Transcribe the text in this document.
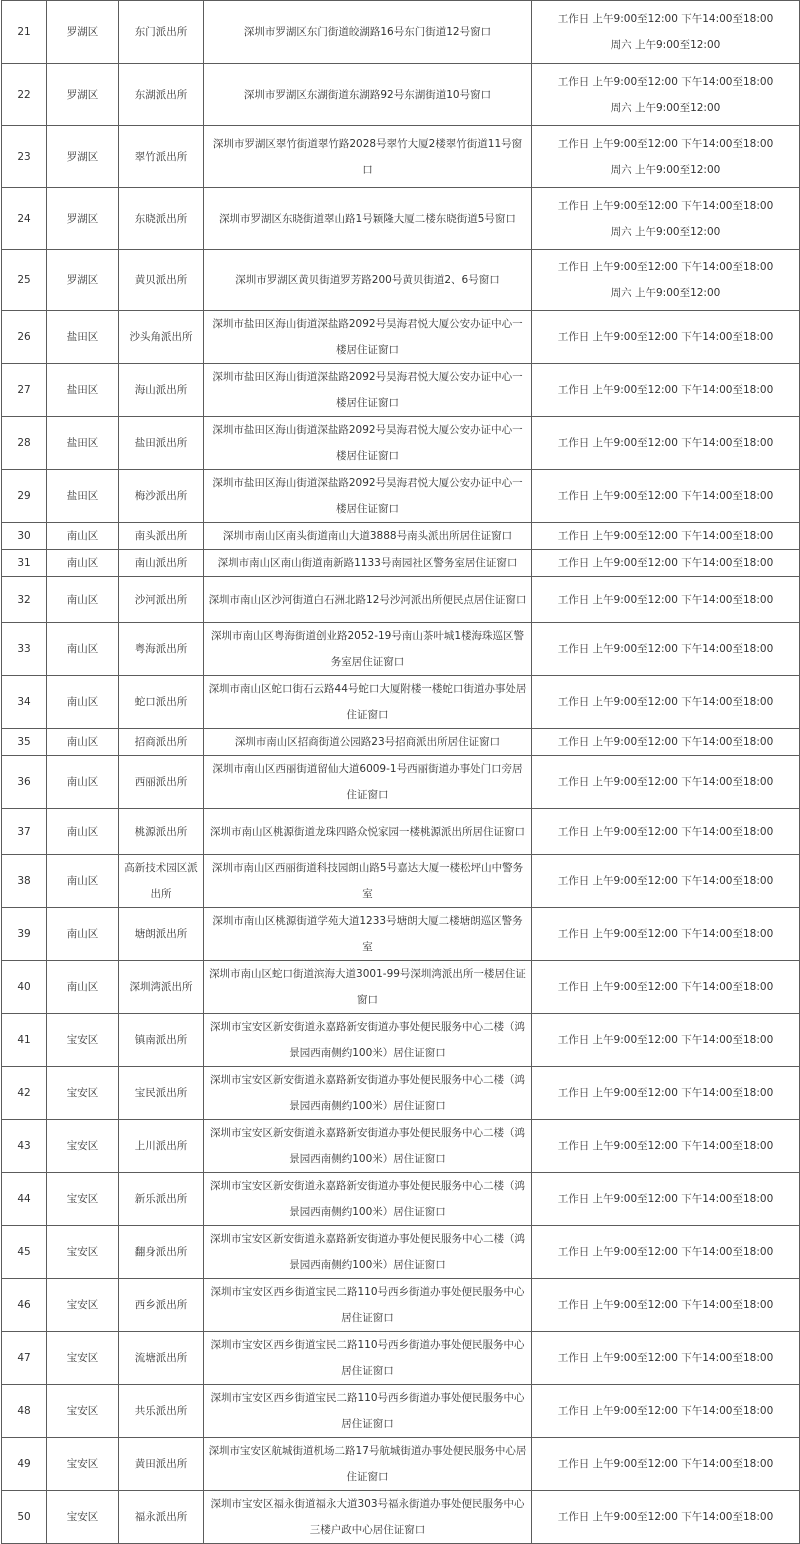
21	罗湖区	东门派出所	深圳市罗湖区东门街道皎湖路16号东门街道12号窗口	工作日 上午9:00至12:00 下午14:00至18:00
周六 上午9:00至12:00

22	罗湖区	东湖派出所	深圳市罗湖区东湖街道东湖路92号东湖街道10号窗口	工作日 上午9:00至12:00 下午14:00至18:00
周六 上午9:00至12:00

23	罗湖区	翠竹派出所	深圳市罗湖区翠竹街道翠竹路2028号翠竹大厦2楼翠竹街道11号窗口	工作日 上午9:00至12:00 下午14:00至18:00
周六 上午9:00至12:00

24	罗湖区	东晓派出所	深圳市罗湖区东晓街道翠山路1号颖隆大厦二楼东晓街道5号窗口	工作日 上午9:00至12:00 下午14:00至18:00
周六 上午9:00至12:00

25	罗湖区	黄贝派出所	深圳市罗湖区黄贝街道罗芳路200号黄贝街道2、6号窗口	工作日 上午9:00至12:00 下午14:00至18:00
周六 上午9:00至12:00

26	盐田区	沙头角派出所	深圳市盐田区海山街道深盐路2092号昊海君悦大厦公安办证中心一楼居住证窗口	工作日 上午9:00至12:00 下午14:00至18:00

27	盐田区	海山派出所	深圳市盐田区海山街道深盐路2092号昊海君悦大厦公安办证中心一楼居住证窗口	工作日 上午9:00至12:00 下午14:00至18:00

28	盐田区	盐田派出所	深圳市盐田区海山街道深盐路2092号昊海君悦大厦公安办证中心一楼居住证窗口	工作日 上午9:00至12:00 下午14:00至18:00

29	盐田区	梅沙派出所	深圳市盐田区海山街道深盐路2092号昊海君悦大厦公安办证中心一楼居住证窗口	工作日 上午9:00至12:00 下午14:00至18:00

30	南山区	南头派出所	深圳市南山区南头街道南山大道3888号南头派出所居住证窗口	工作日 上午9:00至12:00 下午14:00至18:00

31	南山区	南山派出所	深圳市南山区南山街道南新路1133号南园社区警务室居住证窗口	工作日 上午9:00至12:00 下午14:00至18:00

32	南山区	沙河派出所	深圳市南山区沙河街道白石洲北路12号沙河派出所便民点居住证窗口	工作日 上午9:00至12:00 下午14:00至18:00

33	南山区	粤海派出所	深圳市南山区粤海街道创业路2052-19号南山茶叶城1楼海珠巡区警务室居住证窗口	工作日 上午9:00至12:00 下午14:00至18:00

34	南山区	蛇口派出所	深圳市南山区蛇口街石云路44号蛇口大厦附楼一楼蛇口街道办事处居住证窗口	工作日 上午9:00至12:00 下午14:00至18:00

35	南山区	招商派出所	深圳市南山区招商街道公园路23号招商派出所居住证窗口	工作日 上午9:00至12:00 下午14:00至18:00

36	南山区	西丽派出所	深圳市南山区西丽街道留仙大道6009-1号西丽街道办事处门口旁居住证窗口	工作日 上午9:00至12:00 下午14:00至18:00

37	南山区	桃源派出所	深圳市南山区桃源街道龙珠四路众悦家园一楼桃源派出所居住证窗口	工作日 上午9:00至12:00 下午14:00至18:00

38	南山区	高新技术园区派出所	深圳市南山区西丽街道科技园朗山路5号嘉达大厦一楼松坪山中警务室	工作日 上午9:00至12:00 下午14:00至18:00

39	南山区	塘朗派出所	深圳市南山区桃源街道学苑大道1233号塘朗大厦二楼塘朗巡区警务室	工作日 上午9:00至12:00 下午14:00至18:00

40	南山区	深圳湾派出所	深圳市南山区蛇口街道滨海大道3001-99号深圳湾派出所一楼居住证窗口	工作日 上午9:00至12:00 下午14:00至18:00

41	宝安区	镇南派出所	深圳市宝安区新安街道永嘉路新安街道办事处便民服务中心二楼（鸿景园西南侧约100米）居住证窗口	工作日 上午9:00至12:00 下午14:00至18:00

42	宝安区	宝民派出所	深圳市宝安区新安街道永嘉路新安街道办事处便民服务中心二楼（鸿景园西南侧约100米）居住证窗口	工作日 上午9:00至12:00 下午14:00至18:00

43	宝安区	上川派出所	深圳市宝安区新安街道永嘉路新安街道办事处便民服务中心二楼（鸿景园西南侧约100米）居住证窗口	工作日 上午9:00至12:00 下午14:00至18:00

44	宝安区	新乐派出所	深圳市宝安区新安街道永嘉路新安街道办事处便民服务中心二楼（鸿景园西南侧约100米）居住证窗口	工作日 上午9:00至12:00 下午14:00至18:00

45	宝安区	翻身派出所	深圳市宝安区新安街道永嘉路新安街道办事处便民服务中心二楼（鸿景园西南侧约100米）居住证窗口	工作日 上午9:00至12:00 下午14:00至18:00

46	宝安区	西乡派出所	深圳市宝安区西乡街道宝民二路110号西乡街道办事处便民服务中心居住证窗口	工作日 上午9:00至12:00 下午14:00至18:00

47	宝安区	流塘派出所	深圳市宝安区西乡街道宝民二路110号西乡街道办事处便民服务中心居住证窗口	工作日 上午9:00至12:00 下午14:00至18:00

48	宝安区	共乐派出所	深圳市宝安区西乡街道宝民二路110号西乡街道办事处便民服务中心居住证窗口	工作日 上午9:00至12:00 下午14:00至18:00

49	宝安区	黄田派出所	深圳市宝安区航城街道机场二路17号航城街道办事处便民服务中心居住证窗口	工作日 上午9:00至12:00 下午14:00至18:00

50	宝安区	福永派出所	深圳市宝安区福永街道福永大道303号福永街道办事处便民服务中心三楼户政中心居住证窗口	工作日 上午9:00至12:00 下午14:00至18:00
